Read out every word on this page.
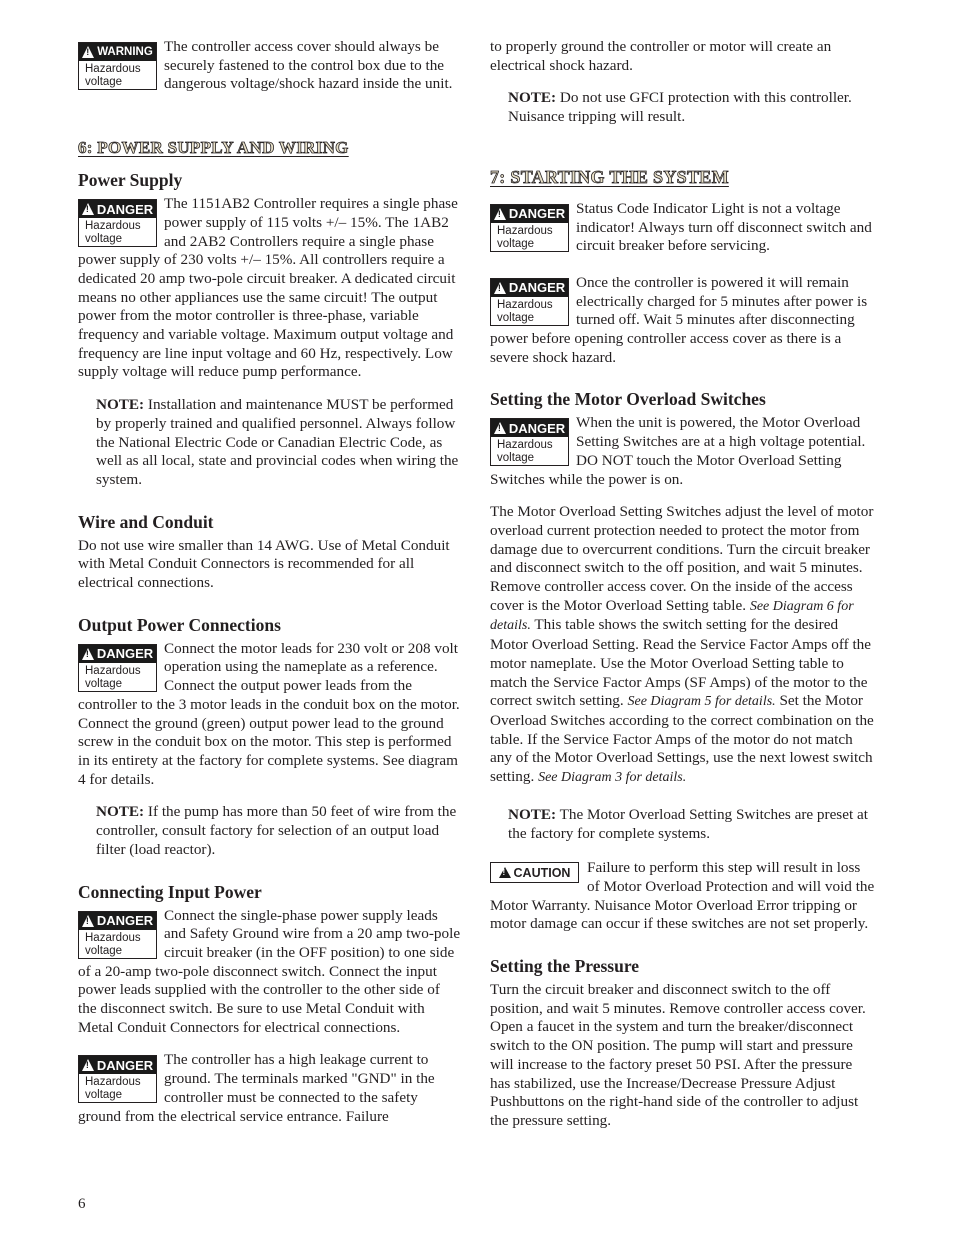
!
WARNING
Hazardous voltage

The controller access cover should always be securely fastened to the control box due to the dangerous voltage/shock hazard inside the unit.

6: POWER SUPPLY AND WIRING
Power Supply
!
DANGER
Hazardous voltage

The 1151AB2 Controller requires a single phase power supply of 115 volts +/– 15%. The 1AB2 and 2AB2 Controllers require a single phase power supply of 230 volts +/– 15%. All controllers require a dedicated 20 amp two-pole circuit breaker. A dedicated circuit means no other appliances use the same circuit! The output power from the motor controller is three-phase, variable frequency and variable voltage. Maximum output voltage and frequency are line input voltage and 60 Hz, respectively. Low supply voltage will reduce pump performance.

NOTE: Installation and maintenance MUST be performed by properly trained and qualified personnel. Always follow the National Electric Code or Canadian Electric Code, as well as all local, state and provincial codes when wiring the system.

Wire and Conduit

Do not use wire smaller than 14 AWG. Use of Metal Conduit with Metal Conduit Connectors is recommended for all electrical connections.

Output Power Connections
!
DANGER
Hazardous voltage

Connect the motor leads for 230 volt or 208 volt operation using the nameplate as a reference. Connect the output power leads from the controller to the 3 motor leads in the conduit box on the motor. Connect the ground (green) output power lead to the ground screw in the conduit box on the motor. This step is performed in its entirety at the factory for complete systems. See diagram 4 for details.

NOTE: If the pump has more than 50 feet of wire from the controller, consult factory for selection of an output load filter (load reactor).

Connecting Input Power
!
DANGER
Hazardous voltage

Connect the single-phase power supply leads and Safety Ground wire from a 20 amp two-pole circuit breaker (in the OFF position) to one side of a 20-amp two-pole disconnect switch. Connect the input power leads supplied with the controller to the other side of the disconnect switch. Be sure to use Metal Conduit with Metal Conduit Connectors for electrical connections.

!
DANGER
Hazardous voltage

The controller has a high leakage current to ground. The terminals marked "GND" in the controller must be connected to the safety ground from the electrical service entrance. Failure

to properly ground the controller or motor will create an electrical shock hazard.

NOTE: Do not use GFCI protection with this controller. Nuisance tripping will result.

7: STARTING THE SYSTEM
!
DANGER
Hazardous voltage

Status Code Indicator Light is not a voltage indicator! Always turn off disconnect switch and circuit breaker before servicing.

!
DANGER
Hazardous voltage

Once the controller is powered it will remain electrically charged for 5 minutes after power is turned off. Wait 5 minutes after disconnecting power before opening controller access cover as there is a severe shock hazard.

Setting the Motor Overload Switches
!
DANGER
Hazardous voltage

When the unit is powered, the Motor Overload Setting Switches are at a high voltage potential. DO NOT touch the Motor Overload Setting Switches while the power is on.

The Motor Overload Setting Switches adjust the level of motor overload current protection needed to protect the motor from damage due to overcurrent conditions. Turn the circuit breaker and disconnect switch to the off position, and wait 5 minutes. Remove controller access cover. On the inside of the access cover is the Motor Overload Setting table. See Diagram 6 for details. This table shows the switch setting for the desired Motor Overload Setting. Read the Service Factor Amps off the motor nameplate. Use the Motor Overload Setting table to match the Service Factor Amps (SF Amps) of the motor to the correct switch setting. See Diagram 5 for details. Set the Motor Overload Switches according to the correct combination on the table. If the Service Factor Amps of the motor do not match any of the Motor Overload Settings, use the next lowest switch setting. See Diagram 3 for details.

NOTE: The Motor Overload Setting Switches are preset at the factory for complete systems.

!
CAUTION	Failure to perform this step will result in loss of Motor Overload Protection and will void the Motor Warranty. Nuisance Motor Overload Error tripping or motor damage can occur if these switches are not set properly.

Setting the Pressure

Turn the circuit breaker and disconnect switch to the off position, and wait 5 minutes. Remove controller access cover. Open a faucet in the system and turn the breaker/disconnect switch to the ON position. The pump will start and pressure will increase to the factory preset 50 PSI. After the pressure has stabilized, use the Increase/Decrease Pressure Adjust Pushbuttons on the right-hand side of the controller to adjust the pressure setting.

6
